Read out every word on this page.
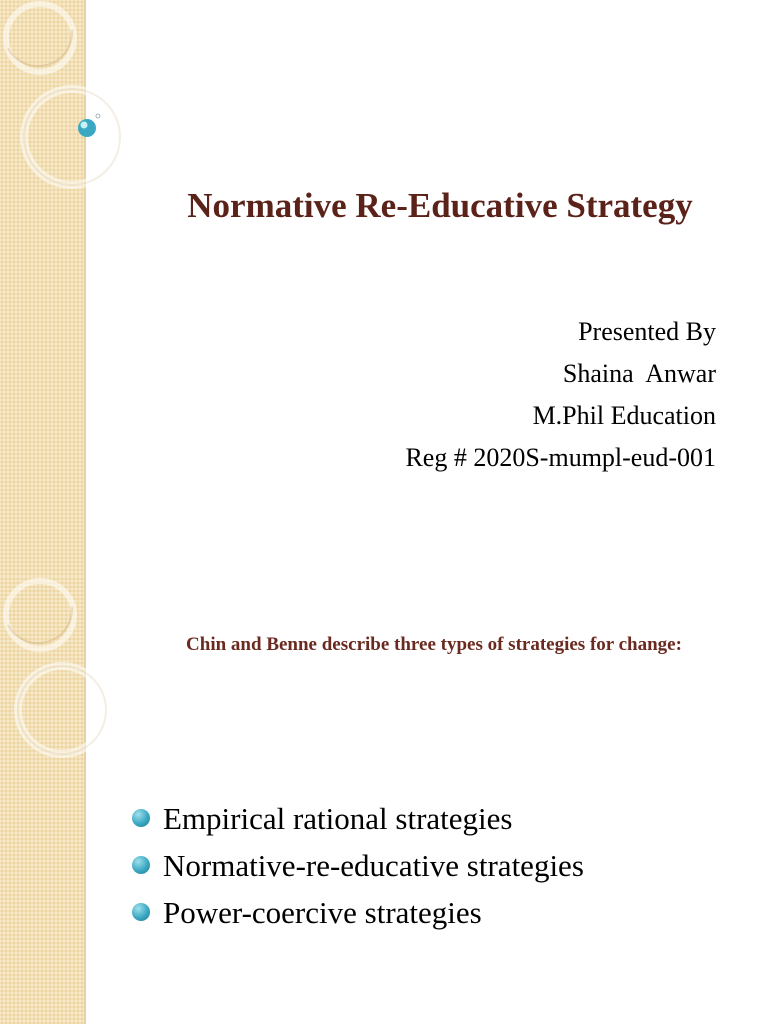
Normative Re-Educative Strategy
Presented By
Shaina  Anwar
M.Phil Education
Reg # 2020S-mumpl-eud-001

Chin and Benne describe three types of strategies for change:

Empirical rational strategies
Normative-re-educative strategies
Power-coercive strategies
